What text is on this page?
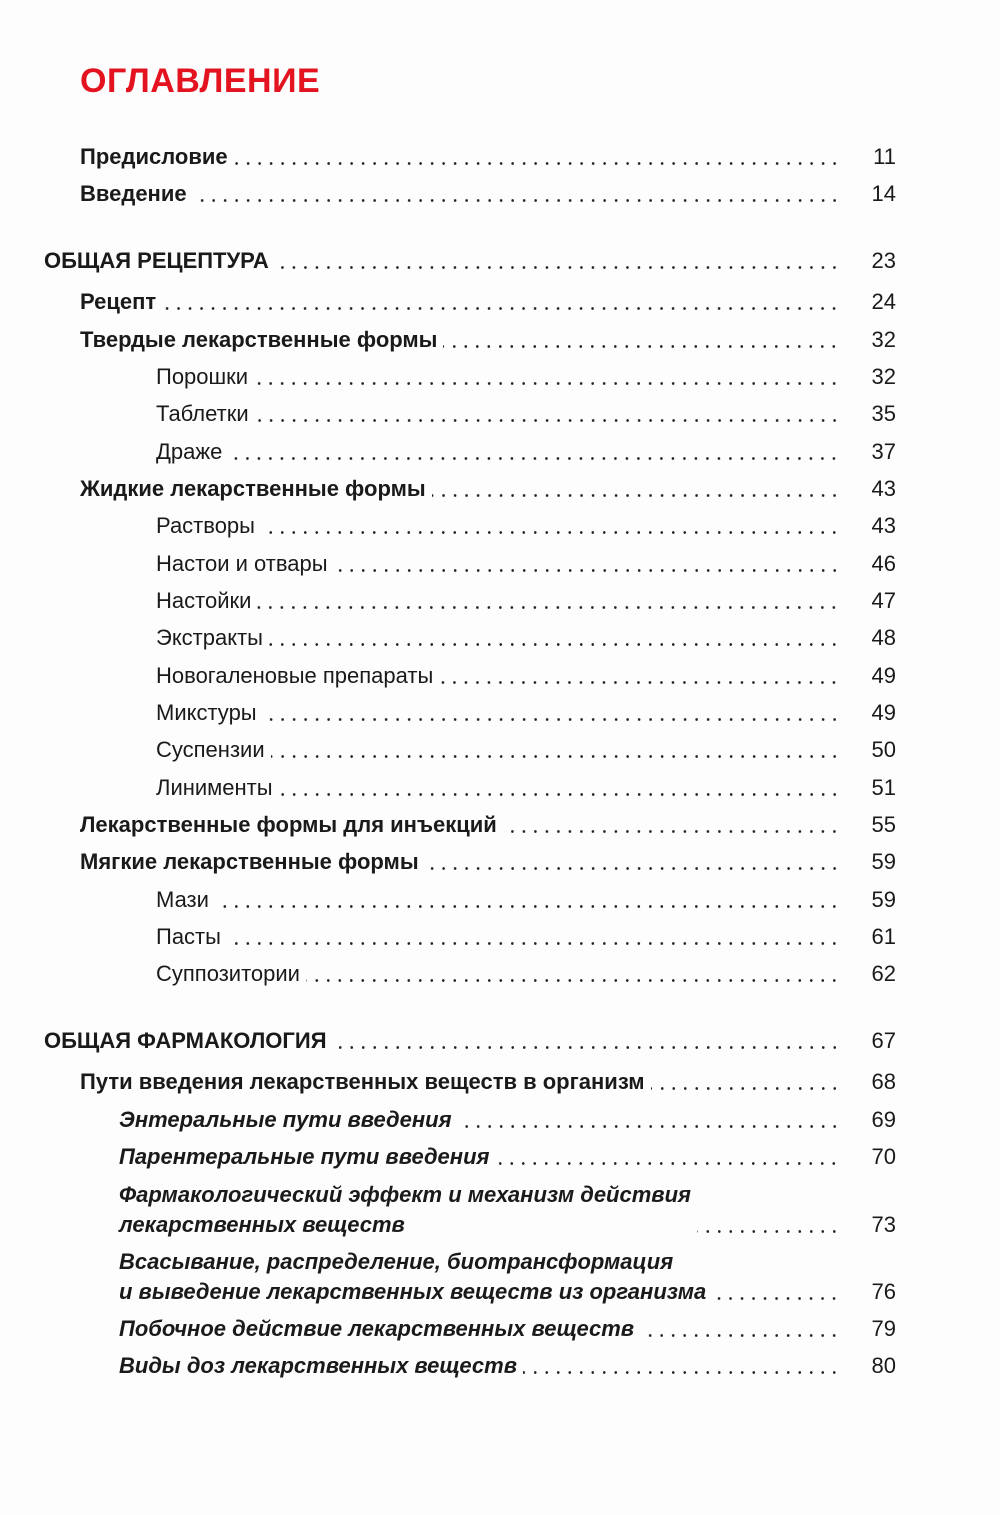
ОГЛАВЛЕНИЕ
Предисловие	11
Введение	14
ОБЩАЯ РЕЦЕПТУРА	23
Рецепт	24
Твердые лекарственные формы	32
Порошки	32
Таблетки	35
Драже	37
Жидкие лекарственные формы	43
Растворы	43
Настои и отвары	46
Настойки	47
Экстракты	48
Новогаленовые препараты	49
Микстуры	49
Суспензии	50
Линименты	51
Лекарственные формы для инъекций	55
Мягкие лекарственные формы	59
Мази	59
Пасты	61
Суппозитории	62
ОБЩАЯ ФАРМАКОЛОГИЯ	67
Пути введения лекарственных веществ в организм	68
Энтеральные пути введения	69
Парентеральные пути введения	70
Фармакологический эффект и механизм действия
лекарственных веществ	73
Всасывание, распределение, биотрансформация
и выведение лекарственных веществ из организма	76
Побочное действие лекарственных веществ	79
Виды доз лекарственных веществ	80
